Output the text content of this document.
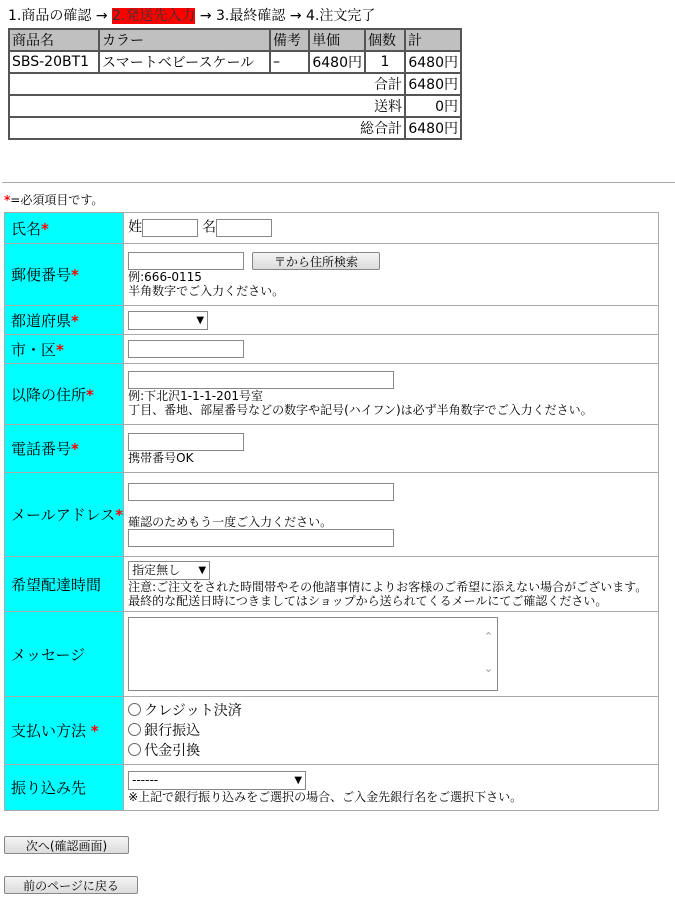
1.商品の確認 → 2.発送先入力 → 3.最終確認 → 4.注文完了
商品名	カラー	備考	単価	個数	計
SBS-20BT1	スマートベビースケール	–	6480円	1	6480円
合計					6480円
送料					0円
総合計					6480円
*=必須項目です。
氏名*	姓 名
郵便番号*	〒から住所検索
例:666-0115
半角数字でご入力ください。

都道府県*	▼

市・区*	
以降の住所*	例:下北沢1-1-1-201号室
丁目、番地、部屋番号などの数字や記号(ハイフン)は必ず半角数字でご入力ください。

電話番号*	携帯番号OK

メールアドレス*	確認のためもう一度ご入力ください。

希望配達時間	指定無し ▼
注意:ご注文をされた時間帯やその他諸事情によりお客様のご希望に添えない場合がございます。
最終的な配送日時につきましてはショップから送られてくるメールにてご確認ください。

メッセージ	⌃
⌄

支払い方法 *	クレジット決済
銀行振込
代金引換

振り込み先	------ ▼
※上記で銀行振り込みをご選択の場合、ご入金先銀行名をご選択下さい。
次へ(確認画面)
前のページに戻る
